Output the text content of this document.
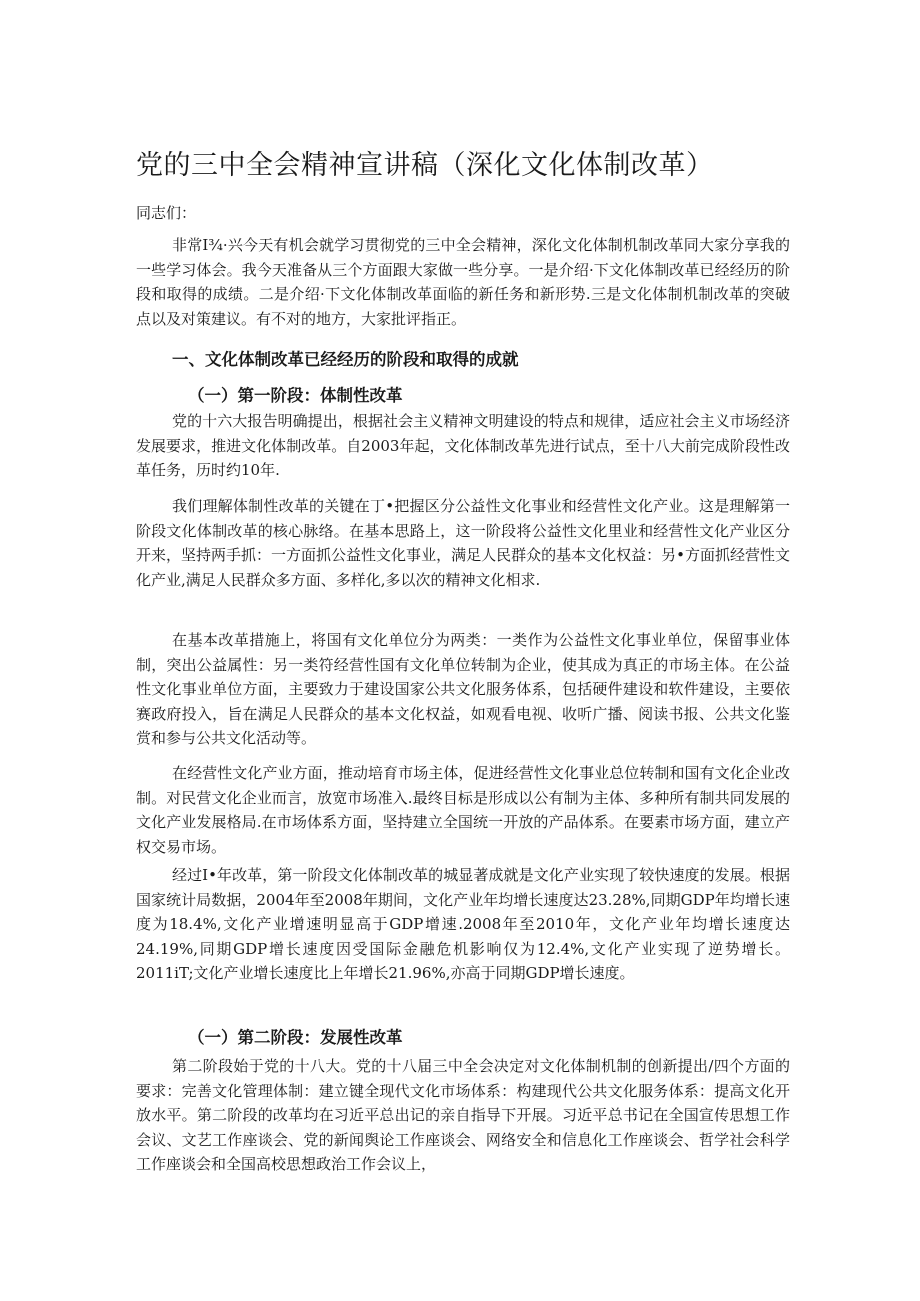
党的三中全会精神宣讲稿（深化文化体制改革）

同志们：

非常I¾·兴今天有机会就学习贯彻党的三中全会精神，深化文化体制机制改革同大家分享我的一些学习体会。我今天准备从三个方面跟大家做一些分享。一是介绍·下文化体制改革已经经历的阶段和取得的成绩。二是介绍·下文化体制改革面临的新任务和新形势.三是文化体制机制改革的突破点以及对策建议。有不对的地方，大家批评指正。

一、文化体制改革已经经历的阶段和取得的成就
（一）第一阶段：体制性改革

党的十六大报告明确提出，根据社会主义精神文明建设的特点和规律，适应社会主义市场经济发展要求，推进文化体制改革。自2003年起，文化体制改革先进行试点，至十八大前完成阶段性改革任务，历时约10年.

我们理解体制性改革的关键在丁•把握区分公益性文化事业和经营性文化产业。这是理解第一阶段文化体制改革的核心脉络。在基本思路上，这一阶段将公益性文化里业和经营性文化产业区分开来，坚持两手抓：一方面抓公益性文化事业，满足人民群众的基本文化权益：另•方面抓经营性文化产业,满足人民群众多方面、多样化,多以次的精神文化相求.

在基本改革措施上，将国有文化单位分为两类：一类作为公益性文化事业单位，保留事业体制，突出公益属性：另一类符经营性国有文化单位转制为企业，使其成为真正的市场主体。在公益性文化事业单位方面，主要致力于建设国家公共文化服务体系，包括硬件建设和软件建设，主要依赛政府投入，旨在满足人民群众的基本文化权益，如观看电视、收听广播、阅读书报、公共文化鉴赏和参与公共文化活动等。

在经营性文化产业方面，推动培育市场主体，促进经营性文化事业总位转制和国有文化企业改制。对民营文化企业而言，放宽市场准入.最终目标是形成以公有制为主体、多种所有制共同发展的文化产业发展格局.在市场体系方面，坚持建立全国统一开放的产品体系。在要素市场方面，建立产权交易市场。

经过I•年改革，第一阶段文化体制改革的城显著成就是文化产业实现了较快速度的发展。根据国家统计局数据，2004年至2008年期间，文化产业年均增长速度达23.28%,同期GDP年均增长速度为18.4%,文化产业增速明显高于GDP增速.2008年至2010年，文化产业年均增长速度达24.19%,同期GDP增长速度因受国际金融危机影响仅为12.4%,文化产业实现了逆势增长。2011iT;文化产业增长速度比上年增长21.96%,亦高于同期GDP增长速度。

（一）第二阶段：发展性改革

第二阶段始于党的十八大。党的十八届三中全会决定对文化体制机制的创新提出/四个方面的要求：完善文化管理体制：建立键全现代文化市场体系：构建现代公共文化服务体系：提高文化开放水平。第二阶段的改革均在习近平总出记的亲自指导下开展。习近平总书记在全国宣传思想工作会议、文艺工作座谈会、党的新闻舆论工作座谈会、网络安全和信息化工作座谈会、哲学社会科学工作座谈会和全国高校思想政治工作会议上，
